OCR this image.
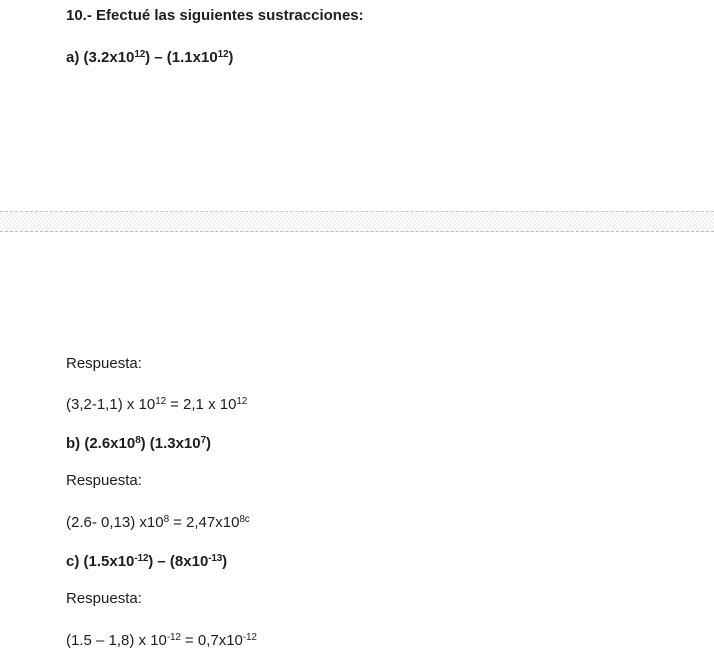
10.- Efectué las siguientes sustracciones:
a) $(3.2x10^{12}) - (1.1x10^{12})$
Respuesta:
(3,2-1,1) x $10^{12} = 2,1$ x $10^{12}$
b) $(2.6x10^8)$ $(1.3x10^7)$
Respuesta:
(2.6- 0,13) $x10^8 = 2,47x10^{8c}$
c) $(1.5x10^{-12}) - (8x10^{-13})$
Respuesta:
(1.5 – 1,8) x $10^{-12} = 0,7x10^{-12}$
